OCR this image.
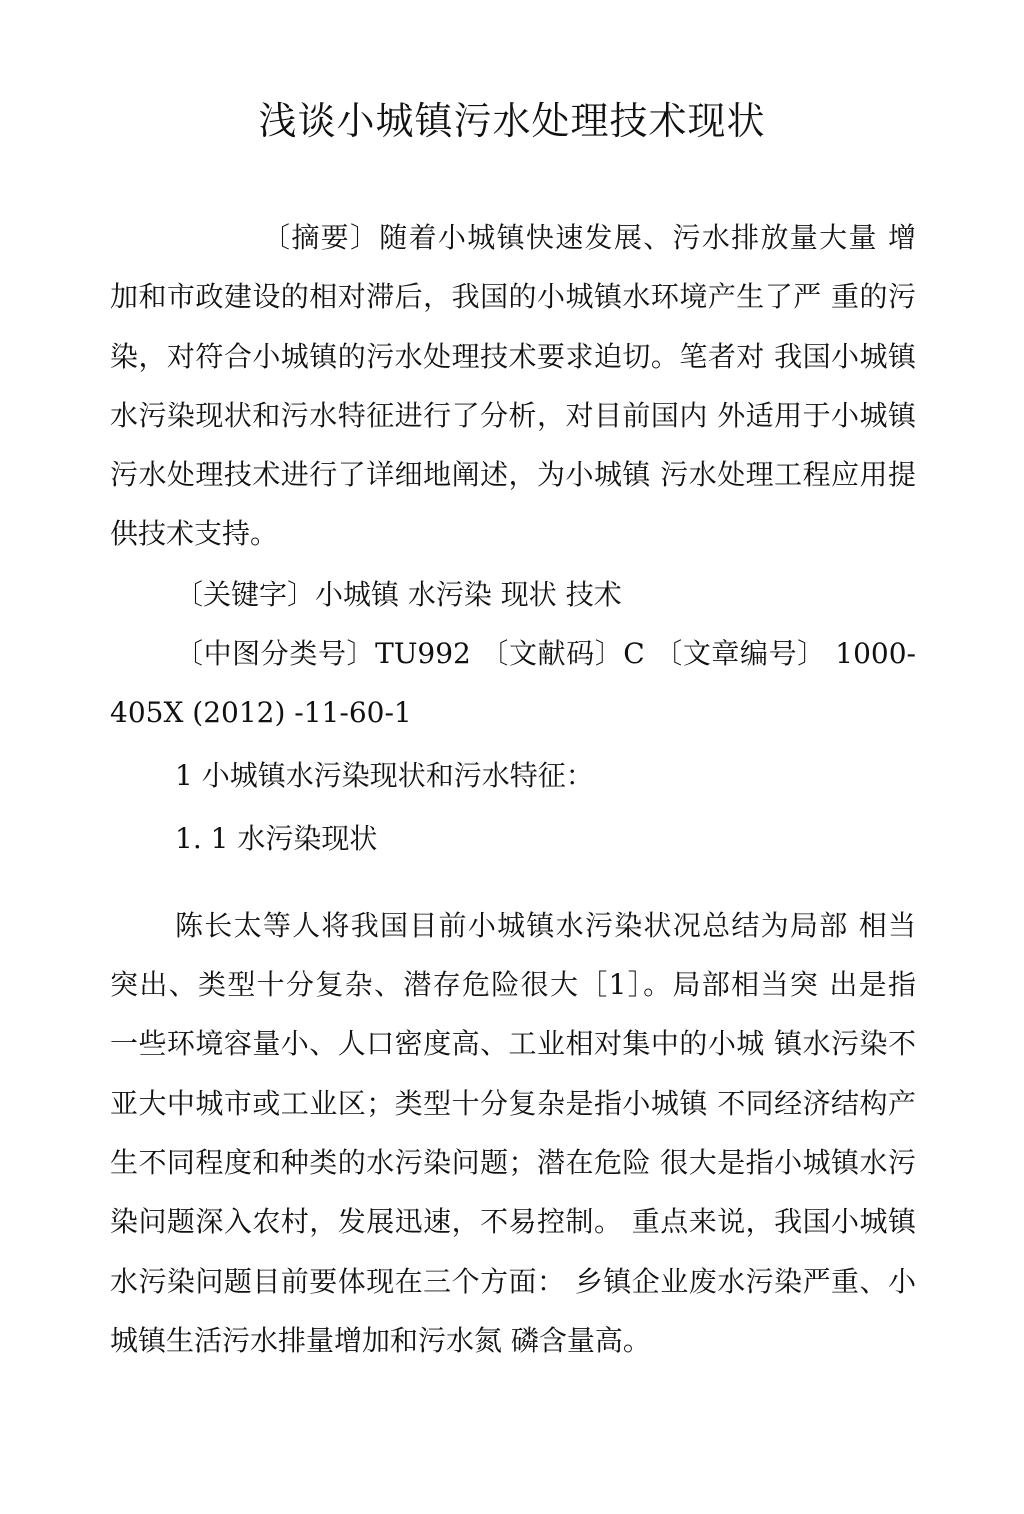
浅谈小城镇污水处理技术现状
〔摘要〕随着小城镇快速发展、污水排放量大量 增
加和市政建设的相对滞后，我国的小城镇水环境产生了严 重的污
染，对符合小城镇的污水处理技术要求迫切。笔者对 我国小城镇
水污染现状和污水特征进行了分析，对目前国内 外适用于小城镇
污水处理技术进行了详细地阐述，为小城镇 污水处理工程应用提
供技术支持。
〔关键字〕小城镇 水污染 现状 技术
〔中图分类号〕TU992 〔文献码〕C 〔文章编号〕 1000-
405X (2012) -11-60-1
1 小城镇水污染现状和污水特征：
1. 1 水污染现状
陈长太等人将我国目前小城镇水污染状况总结为局部 相当
突出、类型十分复杂、潜存危险很大［1］。局部相当突 出是指
一些环境容量小、人口密度高、工业相对集中的小城 镇水污染不
亚大中城市或工业区；类型十分复杂是指小城镇 不同经济结构产
生不同程度和种类的水污染问题；潜在危险 很大是指小城镇水污
染问题深入农村，发展迅速，不易控制。 重点来说，我国小城镇
水污染问题目前要体现在三个方面： 乡镇企业废水污染严重、小
城镇生活污水排量增加和污水氮 磷含量高。
